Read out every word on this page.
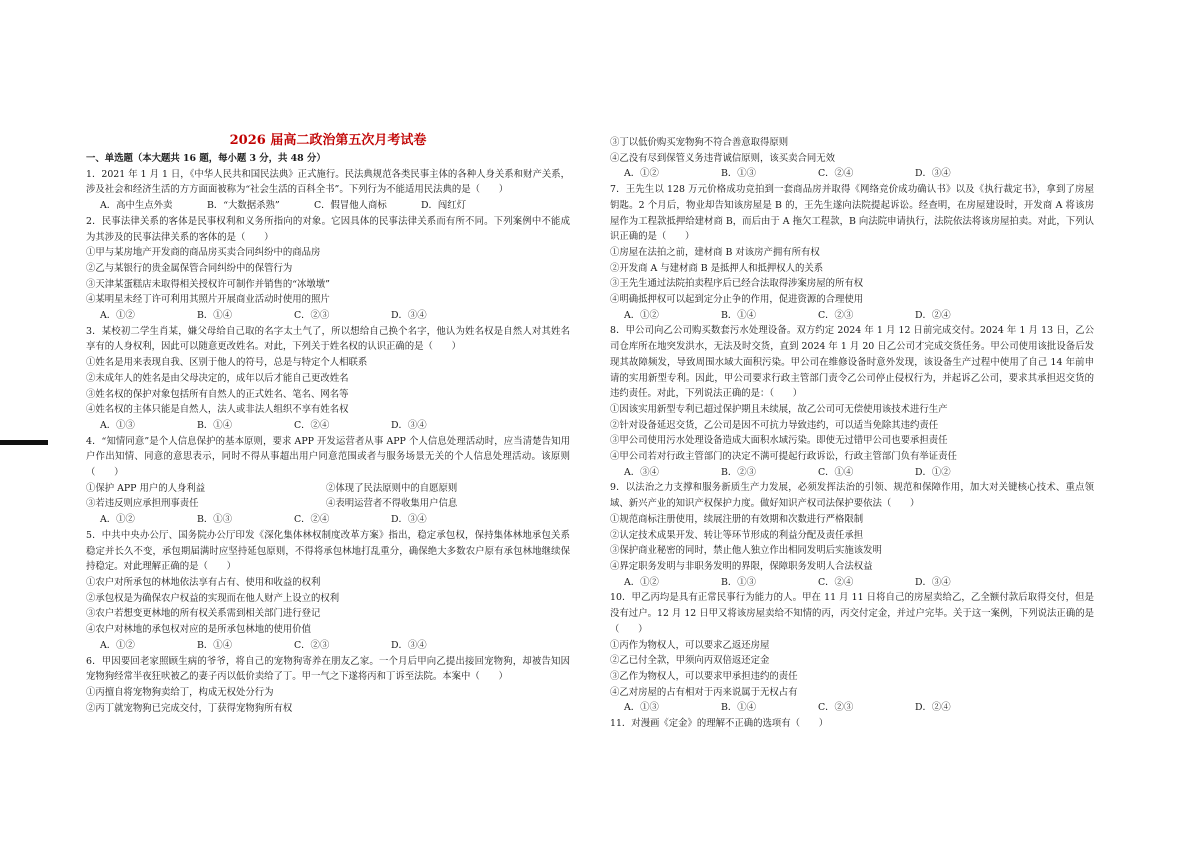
2026 届高二政治第五次月考试卷
一、单选题（本大题共 16 题，每小题 3 分，共 48 分）

1．2021 年 1 月 1 日，《中华人民共和国民法典》正式施行。民法典规范各类民事主体的各种人身关系和财产关系，涉及社会和经济生活的方方面面被称为“社会生活的百科全书”。下列行为不能适用民法典的是（　　）

A．高中生点外卖	B．“大数据杀熟”	C．假冒他人商标	D．闯红灯

2．民事法律关系的客体是民事权利和义务所指向的对象。它因具体的民事法律关系而有所不同。下列案例中不能成为其涉及的民事法律关系的客体的是（　　）

①甲与某房地产开发商的商品房买卖合同纠纷中的商品房

②乙与某银行的贵金属保管合同纠纷中的保管行为

③天津某蛋糕店未取得相关授权许可制作并销售的“冰墩墩”

④某明星未经丁许可利用其照片开展商业活动时使用的照片

A．①②	B．①④	C．②③	D．③④

3．某校初二学生肖某，嫌父母给自己取的名字太土气了，所以想给自己换个名字，他认为姓名权是自然人对其姓名享有的人身权利，因此可以随意更改姓名。对此，下列关于姓名权的认识正确的是（　　）

①姓名是用来表现自我、区别于他人的符号，总是与特定个人相联系

②未成年人的姓名是由父母决定的，成年以后才能自己更改姓名

③姓名权的保护对象包括所有自然人的正式姓名、笔名、网名等

④姓名权的主体只能是自然人，法人或非法人组织不享有姓名权

A．①③	B．①④	C．②④	D．③④

4．“知情同意”是个人信息保护的基本原则，要求 APP 开发运营者从事 APP 个人信息处理活动时，应当清楚告知用户作出知情、同意的意思表示，同时不得从事超出用户同意范围或者与服务场景无关的个人信息处理活动。该原则（　　）

①保护 APP 用户的人身利益	②体现了民法原则中的自愿原则
③若违反则应承担刑事责任	④表明运营者不得收集用户信息
A．①②	B．①③	C．②④	D．③④

5．中共中央办公厅、国务院办公厅印发《深化集体林权制度改革方案》指出，稳定承包权，保持集体林地承包关系稳定并长久不变，承包期届满时应坚持延包原则，不得将承包林地打乱重分，确保绝大多数农户原有承包林地继续保持稳定。对此理解正确的是（　　）

①农户对所承包的林地依法享有占有、使用和收益的权利

②承包权是为确保农户权益的实现而在他人财产上设立的权利

③农户若想变更林地的所有权关系需到相关部门进行登记

④农户对林地的承包权对应的是所承包林地的使用价值

A．①②	B．①④	C．②③	D．③④

6．甲因要回老家照顾生病的爷爷，将自己的宠物狗寄养在朋友乙家。一个月后甲向乙提出接回宠物狗，却被告知因宠物狗经常半夜狂吠被乙的妻子丙以低价卖给了丁。甲一气之下遂将丙和丁诉至法院。本案中（　　）

①丙擅自将宠物狗卖给丁，构成无权处分行为

②丙丁就宠物狗已完成交付，丁获得宠物狗所有权

③丁以低价购买宠物狗不符合善意取得原则

④乙没有尽到保管义务违背诚信原则，该买卖合同无效

A．①②	B．①③	C．②④	D．③④

7．王先生以 128 万元价格成功竞拍到一套商品房并取得《网络竞价成功确认书》以及《执行裁定书》，拿到了房屋钥匙。2 个月后，物业却告知该房屋是 B 的，王先生遂向法院提起诉讼。经查明，在房屋建设时，开发商 A 将该房屋作为工程款抵押给建材商 B，而后由于 A 拖欠工程款，B 向法院申请执行，法院依法将该房屋拍卖。对此，下列认识正确的是（　　）

①房屋在法拍之前，建材商 B 对该房产拥有所有权

②开发商 A 与建材商 B 是抵押人和抵押权人的关系

③王先生通过法院拍卖程序后已经合法取得涉案房屋的所有权

④明确抵押权可以起到定分止争的作用，促进资源的合理使用

A．①②	B．①④	C．②③	D．②④

8．甲公司向乙公司购买数套污水处理设备。双方约定 2024 年 1 月 12 日前完成交付。2024 年 1 月 13 日，乙公司仓库所在地突发洪水，无法及时交货，直到 2024 年 1 月 20 日乙公司才完成交货任务。甲公司使用该批设备后发现其故障频发，导致周围水域大面积污染。甲公司在维修设备时意外发现，该设备生产过程中使用了自己 14 年前申请的实用新型专利。因此，甲公司要求行政主管部门责令乙公司停止侵权行为，并起诉乙公司，要求其承担迟交货的违约责任。对此，下列说法正确的是：（　　）

①因该实用新型专利已超过保护期且未续展，故乙公司可无偿使用该技术进行生产

②针对设备延迟交货，乙公司是因不可抗力导致违约，可以适当免除其违约责任

③甲公司使用污水处理设备造成大面积水域污染。即使无过错甲公司也要承担责任

④甲公司若对行政主管部门的决定不满可提起行政诉讼，行政主管部门负有举证责任

A．③④	B．②③	C．①④	D．①②

9．以法治之力支撑和服务新质生产力发展，必须发挥法治的引领、规范和保障作用，加大对关键核心技术、重点领域、新兴产业的知识产权保护力度。做好知识产权司法保护要依法（　　）

①规范商标注册使用，续展注册的有效期和次数进行严格限制

②认定技术成果开发、转让等环节形成的利益分配及责任承担

③保护商业秘密的同时，禁止他人独立作出相同发明后实施该发明

④界定职务发明与非职务发明的界限，保障职务发明人合法权益

A．①②	B．①③	C．②④	D．③④

10．甲乙丙均是具有正常民事行为能力的人。甲在 11 月 11 日将自己的房屋卖给乙，乙全额付款后取得交付，但是没有过户。12 月 12 日甲又将该房屋卖给不知情的丙，丙交付定金，并过户完毕。关于这一案例，下列说法正确的是（　　）

①丙作为物权人，可以要求乙返还房屋

②乙已付全款，甲须向丙双倍返还定金

③乙作为物权人，可以要求甲承担违约的责任

④乙对房屋的占有相对于丙来说属于无权占有

A．①③	B．①④	C．②③	D．②④

11．对漫画《定金》的理解不正确的选项有（　　）
